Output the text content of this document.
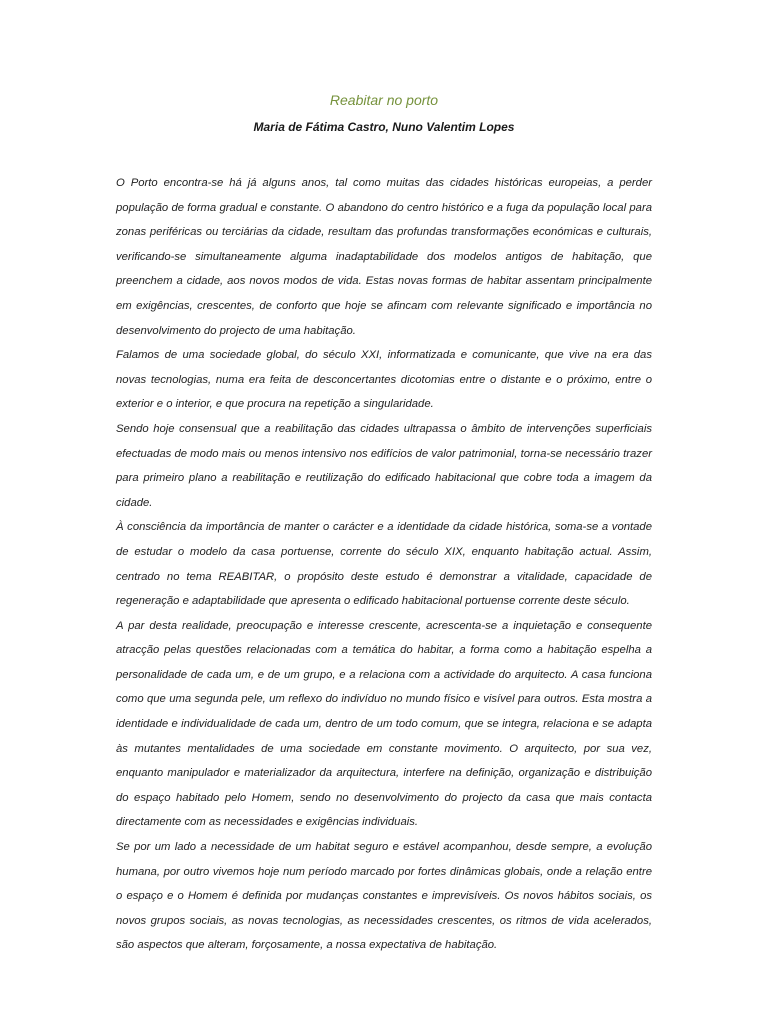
Reabitar no porto
Maria de Fátima Castro, Nuno Valentim Lopes

O Porto encontra-se há já alguns anos, tal como muitas das cidades históricas europeias, a perder população de forma gradual e constante. O abandono do centro histórico e a fuga da população local para zonas periféricas ou terciárias da cidade, resultam das profundas transformações económicas e culturais, verificando-se simultaneamente alguma inadaptabilidade dos modelos antigos de habitação, que preenchem a cidade, aos novos modos de vida. Estas novas formas de habitar assentam principalmente em exigências, crescentes, de conforto que hoje se afincam com relevante significado e importância no desenvolvimento do projecto de uma habitação.

Falamos de uma sociedade global, do século XXI, informatizada e comunicante, que vive na era das novas tecnologias, numa era feita de desconcertantes dicotomias entre o distante e o próximo, entre o exterior e o interior, e que procura na repetição a singularidade.

Sendo hoje consensual que a reabilitação das cidades ultrapassa o âmbito de intervenções superficiais efectuadas de modo mais ou menos intensivo nos edifícios de valor patrimonial, torna-se necessário trazer para primeiro plano a reabilitação e reutilização do edificado habitacional que cobre toda a imagem da cidade.

À consciência da importância de manter o carácter e a identidade da cidade histórica, soma-se a vontade de estudar o modelo da casa portuense, corrente do século XIX, enquanto habitação actual. Assim, centrado no tema REABITAR, o propósito deste estudo é demonstrar a vitalidade, capacidade de regeneração e adaptabilidade que apresenta o edificado habitacional portuense corrente deste século.

A par desta realidade, preocupação e interesse crescente, acrescenta-se a inquietação e consequente atracção pelas questões relacionadas com a temática do habitar, a forma como a habitação espelha a personalidade de cada um, e de um grupo, e a relaciona com a actividade do arquitecto. A casa funciona como que uma segunda pele, um reflexo do indivíduo no mundo físico e visível para outros. Esta mostra a identidade e individualidade de cada um, dentro de um todo comum, que se integra, relaciona e se adapta às mutantes mentalidades de uma sociedade em constante movimento. O arquitecto, por sua vez, enquanto manipulador e materializador da arquitectura, interfere na definição, organização e distribuição do espaço habitado pelo Homem, sendo no desenvolvimento do projecto da casa que mais contacta directamente com as necessidades e exigências individuais.

Se por um lado a necessidade de um habitat seguro e estável acompanhou, desde sempre, a evolução humana, por outro vivemos hoje num período marcado por fortes dinâmicas globais, onde a relação entre o espaço e o Homem é definida por mudanças constantes e imprevisíveis. Os novos hábitos sociais, os novos grupos sociais, as novas tecnologias, as necessidades crescentes, os ritmos de vida acelerados, são aspectos que alteram, forçosamente, a nossa expectativa de habitação.
